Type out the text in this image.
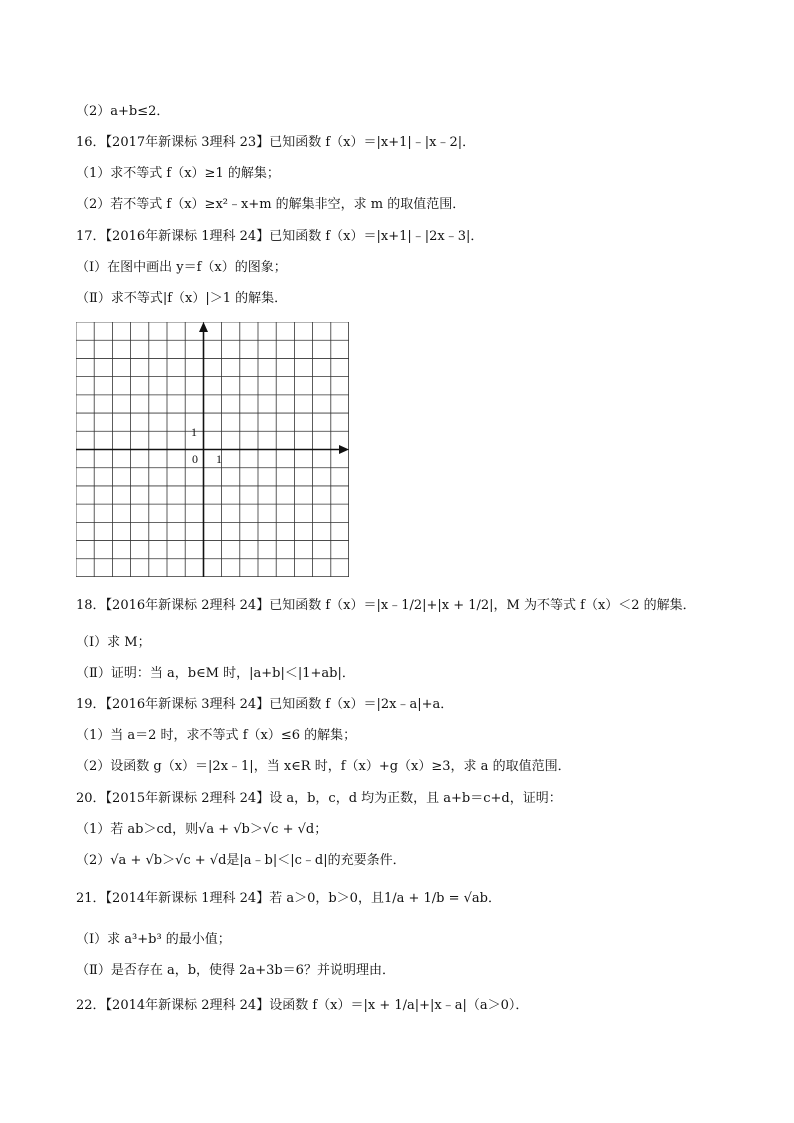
（2）a+b≤2．
16．【2017年新课标 3理科 23】已知函数 f（x）＝|x+1|﹣|x﹣2|．
（1）求不等式 f（x）≥1 的解集；
（2）若不等式 f（x）≥x²﹣x+m 的解集非空，求 m 的取值范围．
17．【2016年新课标 1理科 24】已知函数 f（x）＝|x+1|﹣|2x﹣3|．
（Ⅰ）在图中画出 y＝f（x）的图象；
（Ⅱ）求不等式|f（x）|＞1 的解集．
1
0 1
18．【2016年新课标 2理科 24】已知函数 f（x）＝|x﹣1/2|+|x + 1/2|，M 为不等式 f（x）＜2 的解集．
（Ⅰ）求 M；
（Ⅱ）证明：当 a，b∈M 时，|a+b|＜|1+ab|．
19．【2016年新课标 3理科 24】已知函数 f（x）＝|2x﹣a|+a．
（1）当 a＝2 时，求不等式 f（x）≤6 的解集；
（2）设函数 g（x）＝|2x﹣1|，当 x∈R 时，f（x）+g（x）≥3，求 a 的取值范围．
20．【2015年新课标 2理科 24】设 a，b，c，d 均为正数，且 a+b＝c+d，证明：
（1）若 ab＞cd，则√a + √b＞√c + √d；
（2）√a + √b＞√c + √d是|a﹣b|＜|c﹣d|的充要条件．
21．【2014年新课标 1理科 24】若 a＞0，b＞0，且1/a + 1/b = √ab．
（Ⅰ）求 a³+b³ 的最小值；
（Ⅱ）是否存在 a，b，使得 2a+3b＝6？并说明理由．
22．【2014年新课标 2理科 24】设函数 f（x）＝|x + 1/a|+|x﹣a|（a＞0）．
